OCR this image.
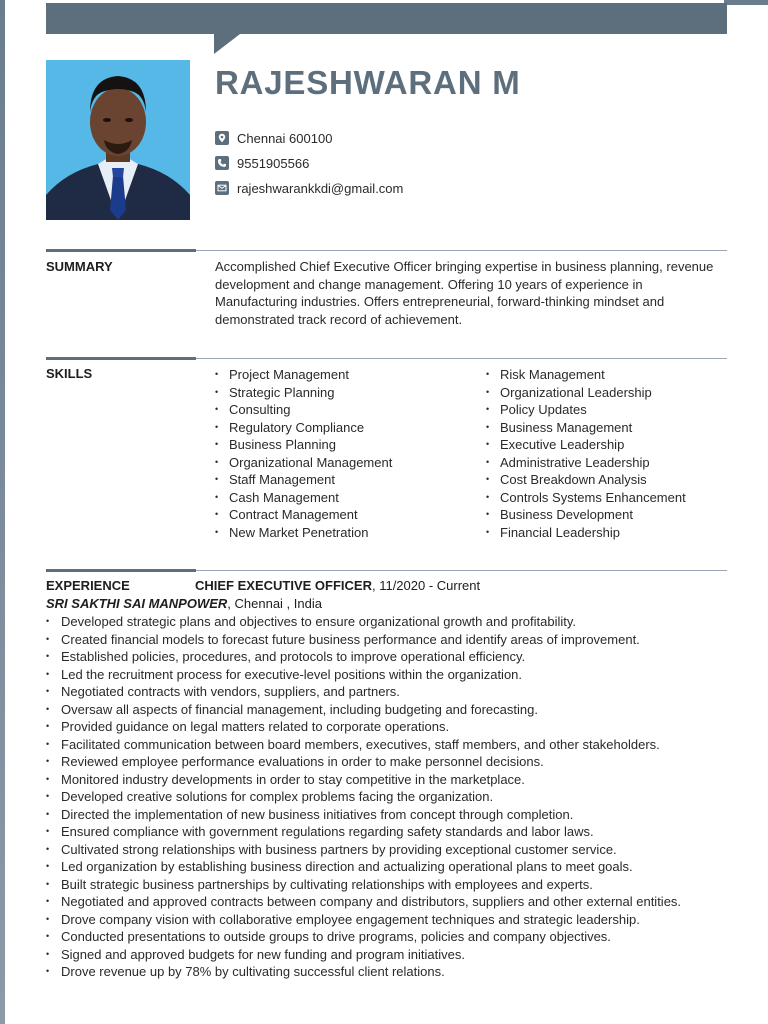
RAJESHWARAN M
Chennai 600100
9551905566
rajeshwarankkdi@gmail.com
SUMMARY	Accomplished Chief Executive Officer bringing expertise in business planning, revenue development and change management. Offering 10 years of experience in Manufacturing industries. Offers entrepreneurial, forward-thinking mindset and demonstrated track record of achievement.
SKILLS
•	Project Management
• Strategic Planning
• Consulting
• Regulatory Compliance
• Business Planning
• Organizational Management
• Staff Management
• Cash Management
• Contract Management
• New Market Penetration
• Risk Management
• Organizational Leadership
• Policy Updates
• Business Management
• Executive Leadership
• Administrative Leadership
• Cost Breakdown Analysis
• Controls Systems Enhancement
• Business Development
• Financial Leadership
EXPERIENCE	CHIEF EXECUTIVE OFFICER, 11/2020 - Current
SRI SAKTHI SAI MANPOWER, Chennai , India
• Developed strategic plans and objectives to ensure organizational growth and profitability.
• Created financial models to forecast future business performance and identify areas of improvement.
• Established policies, procedures, and protocols to improve operational efficiency.
• Led the recruitment process for executive-level positions within the organization.
• Negotiated contracts with vendors, suppliers, and partners.
• Oversaw all aspects of financial management, including budgeting and forecasting.
• Provided guidance on legal matters related to corporate operations.
• Facilitated communication between board members, executives, staff members, and other stakeholders.
• Reviewed employee performance evaluations in order to make personnel decisions.
• Monitored industry developments in order to stay competitive in the marketplace.
• Developed creative solutions for complex problems facing the organization.
• Directed the implementation of new business initiatives from concept through completion.
• Ensured compliance with government regulations regarding safety standards and labor laws.
• Cultivated strong relationships with business partners by providing exceptional customer service.
• Led organization by establishing business direction and actualizing operational plans to meet goals.
• Built strategic business partnerships by cultivating relationships with employees and experts.
• Negotiated and approved contracts between company and distributors, suppliers and other external entities.
• Drove company vision with collaborative employee engagement techniques and strategic leadership.
• Conducted presentations to outside groups to drive programs, policies and company objectives.
• Signed and approved budgets for new funding and program initiatives.
• Drove revenue up by 78% by cultivating successful client relations.
